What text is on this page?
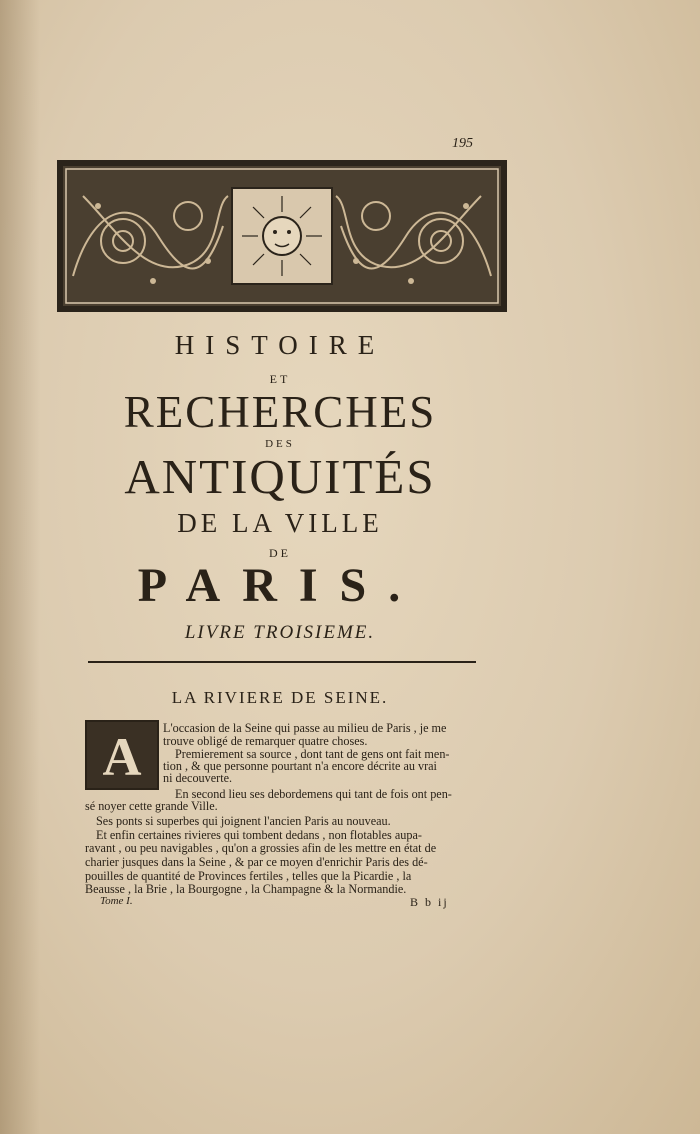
195
HISTOIRE
ET
RECHERCHES
DES
ANTIQUITÉS
DE LA VILLE
DE
PARIS.
LIVRE TROISIEME.
LA RIVIERE DE SEINE.
A	L'occasion de la Seine qui passe au milieu de Paris , je me
trouve obligé de remarquer quatre choses.
Premierement sa source , dont tant de gens ont fait men-
tion , & que personne pourtant n'a encore décrite au vrai
ni decouverte.
En second lieu ses debordemens qui tant de fois ont pen-
sé noyer cette grande Ville.
Ses ponts si superbes qui joignent l'ancien Paris au nouveau.
Et enfin certaines rivieres qui tombent dedans , non flotables aupa-
ravant , ou peu navigables , qu'on a grossies afin de les mettre en état de
charier jusques dans la Seine , & par ce moyen d'enrichir Paris des dé-
pouilles de quantité de Provinces fertiles , telles que la Picardie , la
Beausse , la Brie , la Bourgogne , la Champagne & la Normandie.
Tome I.	B b ij
